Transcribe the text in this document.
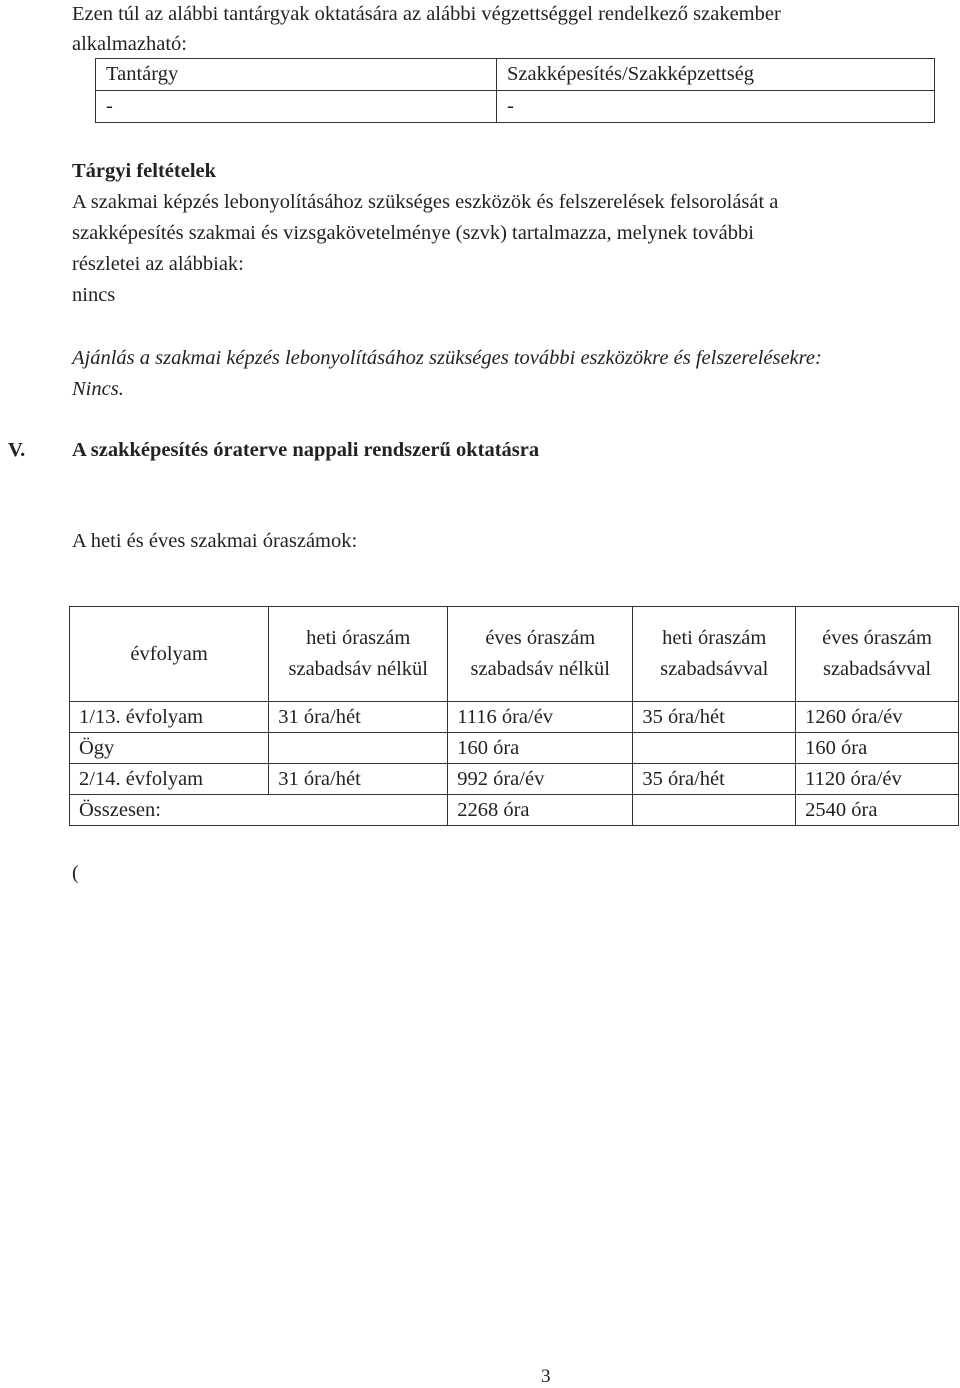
Ezen túl az alábbi tantárgyak oktatására az alábbi végzettséggel rendelkező szakember
alkalmazható:
Tantárgy	Szakképesítés/Szakképzettség
-	-
Tárgyi feltételek
A szakmai képzés lebonyolításához szükséges eszközök és felszerelések felsorolását a
szakképesítés szakmai és vizsgakövetelménye (szvk) tartalmazza, melynek további
részletei az alábbiak:
nincs
Ajánlás a szakmai képzés lebonyolításához szükséges további eszközökre és felszerelésekre:
Nincs.
V. A szakképesítés óraterve nappali rendszerű oktatásra
A heti és éves szakmai óraszámok:
évfolyam	heti óraszám szabadsáv nélkül	éves óraszám szabadsáv nélkül	heti óraszám szabadsávval	éves óraszám szabadsávval
1/13. évfolyam	31 óra/hét	1116 óra/év	35 óra/hét	1260 óra/év
Ögy		160 óra		160 óra
2/14. évfolyam	31 óra/hét	992 óra/év	35 óra/hét	1120 óra/év
Összesen:		2268 óra		2540 óra
(
3
